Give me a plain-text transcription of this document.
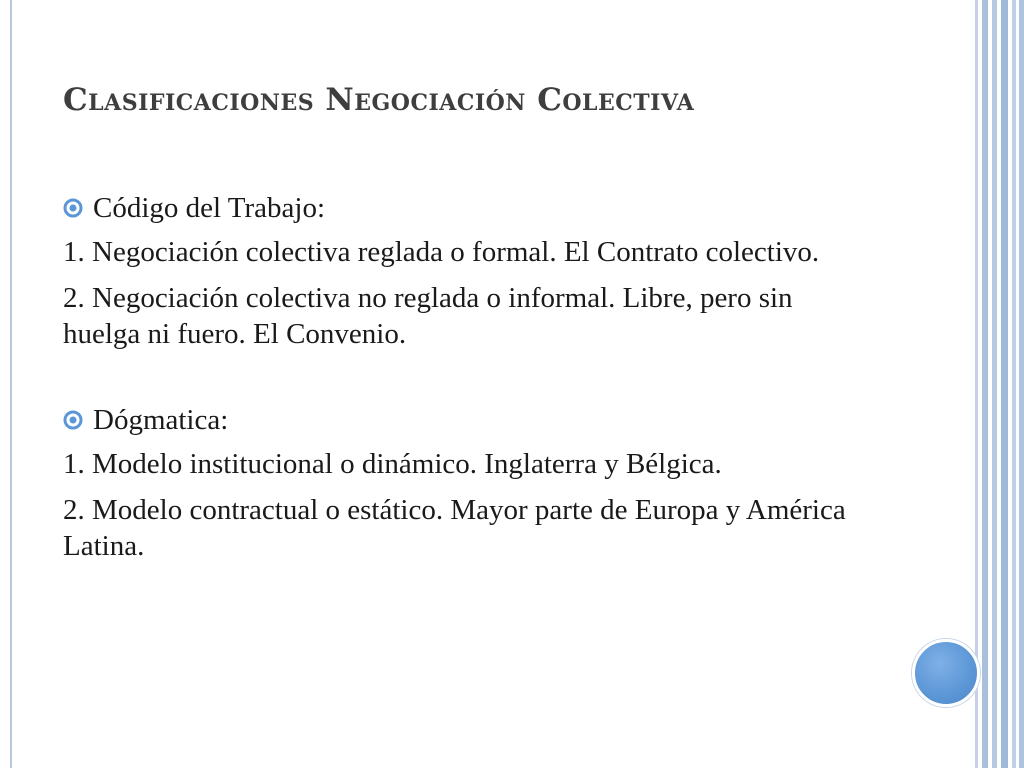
Clasificaciones Negociación Colectiva
Código del Trabajo:

1. Negociación colectiva reglada o formal. El Contrato colectivo.

2. Negociación colectiva no reglada o informal. Libre, pero sin huelga ni fuero. El Convenio.

Dógmatica:

1. Modelo institucional o dinámico. Inglaterra y Bélgica.

2. Modelo contractual o estático. Mayor parte de Europa y América Latina.
